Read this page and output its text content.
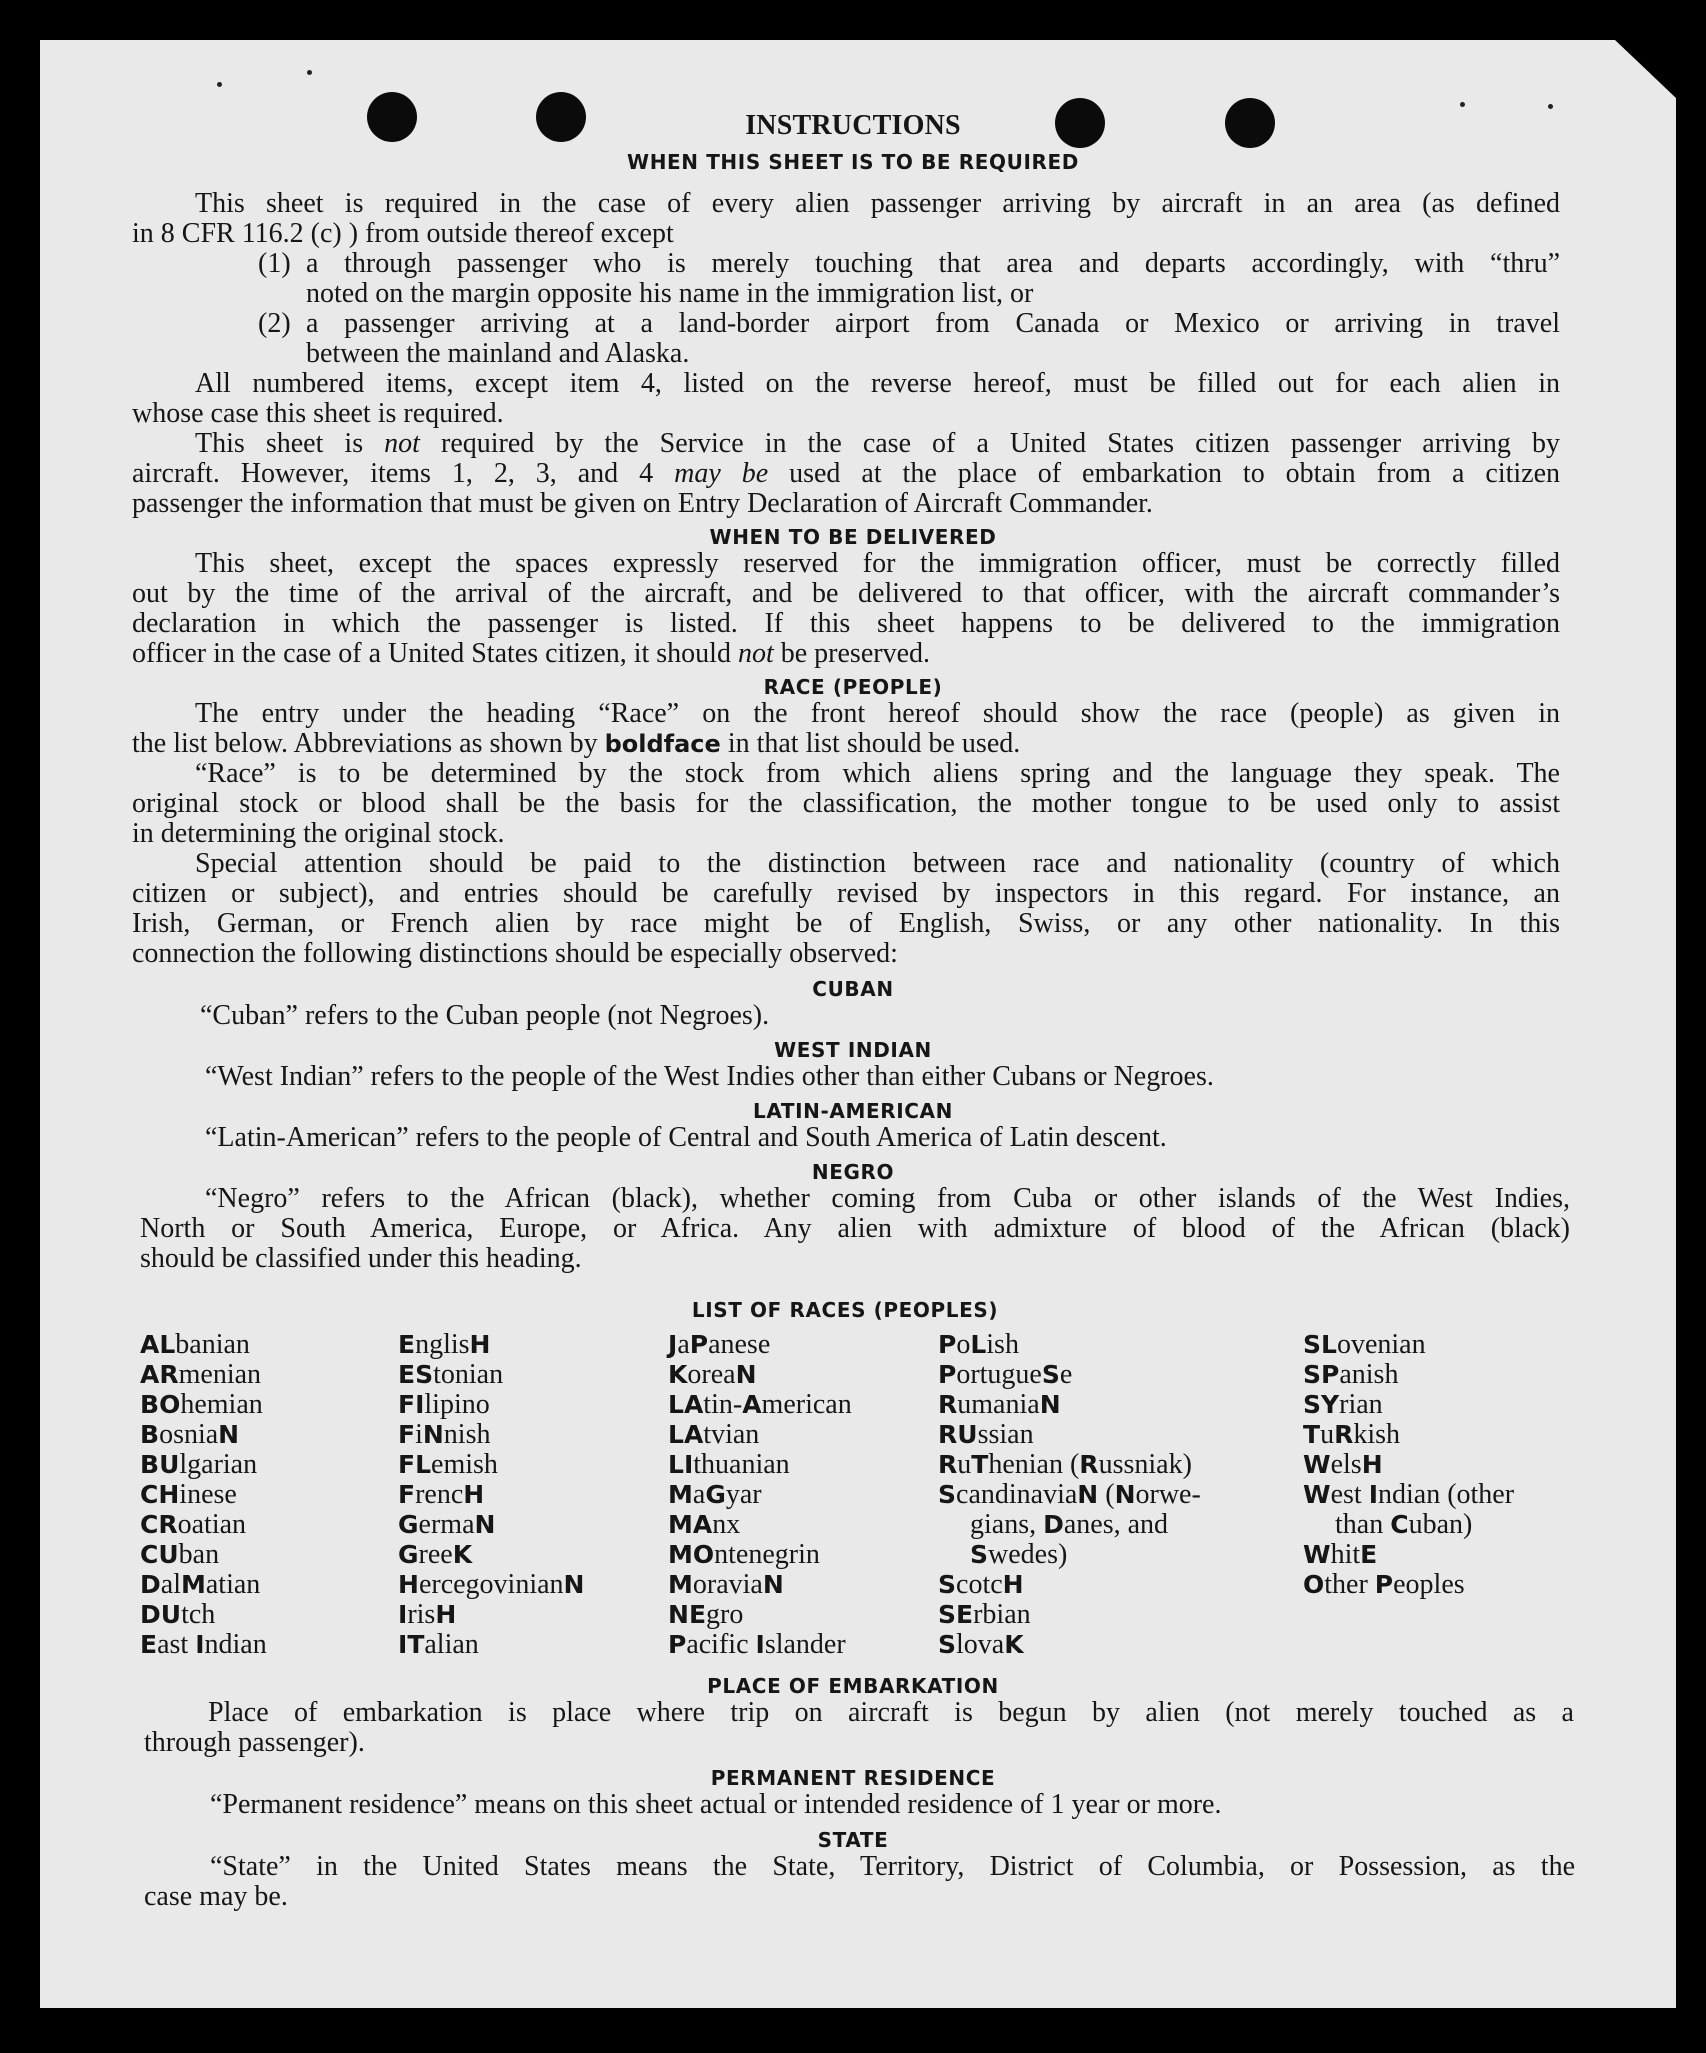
INSTRUCTIONS
WHEN THIS SHEET IS TO BE REQUIRED
This sheet is required in the case of every alien passenger arriving by aircraft in an area (as defined
in 8 CFR 116.2 (c) ) from outside thereof except
(1) a through passenger who is merely touching that area and departs accordingly, with “thru”
noted on the margin opposite his name in the immigration list, or
(2) a passenger arriving at a land-border airport from Canada or Mexico or arriving in travel
between the mainland and Alaska.
All numbered items, except item 4, listed on the reverse hereof, must be filled out for each alien in
whose case this sheet is required.
This sheet is not required by the Service in the case of a United States citizen passenger arriving by
aircraft. However, items 1, 2, 3, and 4 may be used at the place of embarkation to obtain from a citizen
passenger the information that must be given on Entry Declaration of Aircraft Commander.
WHEN TO BE DELIVERED
This sheet, except the spaces expressly reserved for the immigration officer, must be correctly filled
out by the time of the arrival of the aircraft, and be delivered to that officer, with the aircraft commander’s
declaration in which the passenger is listed. If this sheet happens to be delivered to the immigration
officer in the case of a United States citizen, it should not be preserved.
RACE (PEOPLE)
The entry under the heading “Race” on the front hereof should show the race (people) as given in
the list below. Abbreviations as shown by boldface in that list should be used.
“Race” is to be determined by the stock from which aliens spring and the language they speak. The
original stock or blood shall be the basis for the classification, the mother tongue to be used only to assist
in determining the original stock.
Special attention should be paid to the distinction between race and nationality (country of which
citizen or subject), and entries should be carefully revised by inspectors in this regard. For instance, an
Irish, German, or French alien by race might be of English, Swiss, or any other nationality. In this
connection the following distinctions should be especially observed:
CUBAN
“Cuban” refers to the Cuban people (not Negroes).
WEST INDIAN
“West Indian” refers to the people of the West Indies other than either Cubans or Negroes.
LATIN-AMERICAN
“Latin-American” refers to the people of Central and South America of Latin descent.
NEGRO
“Negro” refers to the African (black), whether coming from Cuba or other islands of the West Indies,
North or South America, Europe, or Africa. Any alien with admixture of blood of the African (black)
should be classified under this heading.
LIST OF RACES (PEOPLES)
ALbanian
ARmenian
BOhemian
BosniaN
BUlgarian
CHinese
CRoatian
CUban
DalMatian
DUtch
East Indian
EnglisH
EStonian
FIlipino
FiNnish
FLemish
FrencH
GermaN
GreeK
HercegovinianN
IrisH
ITalian
JaPanese
KoreaN
LAtin-American
LAtvian
LIthuanian
MaGyar
MAnx
MOntenegrin
MoraviaN
NEgro
Pacific Islander
PoLish
PortugueSe
RumaniaN
RUssian
RuThenian (Russniak)
ScandinaviaN (Norwe-
gians, Danes, and
Swedes)
ScotcH
SErbian
SlovaK
SLovenian
SPanish
SYrian
TuRkish
WelsH
West Indian (other
than Cuban)
WhitE
Other Peoples
PLACE OF EMBARKATION
Place of embarkation is place where trip on aircraft is begun by alien (not merely touched as a
through passenger).
PERMANENT RESIDENCE
“Permanent residence” means on this sheet actual or intended residence of 1 year or more.
STATE
“State” in the United States means the State, Territory, District of Columbia, or Possession, as the
case may be.
